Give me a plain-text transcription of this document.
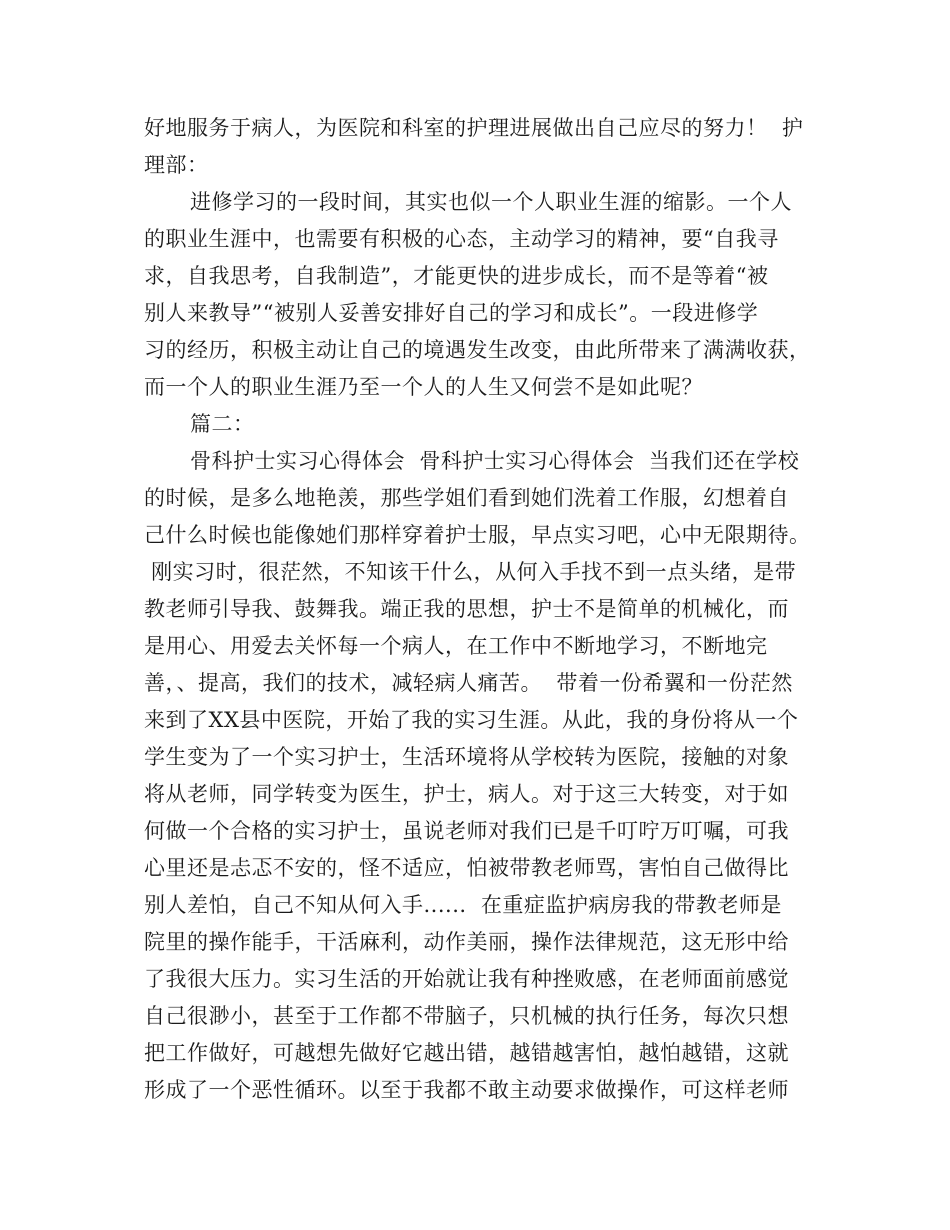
好地服务于病人，为医院和科室的护理进展做出自己应尽的努力！  护
理部：
进修学习的一段时间，其实也似一个人职业生涯的缩影。一个人
的职业生涯中，也需要有积极的心态，主动学习的精神，要“自我寻
求，自我思考，自我制造”，才能更快的进步成长，而不是等着“被
别人来教导”“被别人妥善安排好自己的学习和成长”。一段进修学
习的经历，积极主动让自己的境遇发生改变，由此所带来了满满收获，
而一个人的职业生涯乃至一个人的人生又何尝不是如此呢？
篇二：
骨科护士实习心得体会  骨科护士实习心得体会  当我们还在学校
的时候，是多么地艳羡，那些学姐们看到她们洗着工作服，幻想着自
己什么时候也能像她们那样穿着护士服，早点实习吧，心中无限期待。
刚实习时，很茫然，不知该干什么，从何入手找不到一点头绪，是带
教老师引导我、鼓舞我。端正我的思想，护士不是简单的机械化，而
是用心、用爱去关怀每一个病人，在工作中不断地学习，不断地完
善，、提高，我们的技术，减轻病人痛苦。  带着一份希翼和一份茫然
来到了XX县中医院，开始了我的实习生涯。从此，我的身份将从一个
学生变为了一个实习护士，生活环境将从学校转为医院，接触的对象
将从老师，同学转变为医生，护士，病人。对于这三大转变，对于如
何做一个合格的实习护士，虽说老师对我们已是千叮咛万叮嘱，可我
心里还是忐忑不安的，怪不适应，怕被带教老师骂，害怕自己做得比
别人差怕，自己不知从何入手......  在重症监护病房我的带教老师是
院里的操作能手，干活麻利，动作美丽，操作法律规范，这无形中给
了我很大压力。实习生活的开始就让我有种挫败感，在老师面前感觉
自己很渺小，甚至于工作都不带脑子，只机械的执行任务，每次只想
把工作做好，可越想先做好它越出错，越错越害怕，越怕越错，这就
形成了一个恶性循环。以至于我都不敢主动要求做操作，可这样老师
